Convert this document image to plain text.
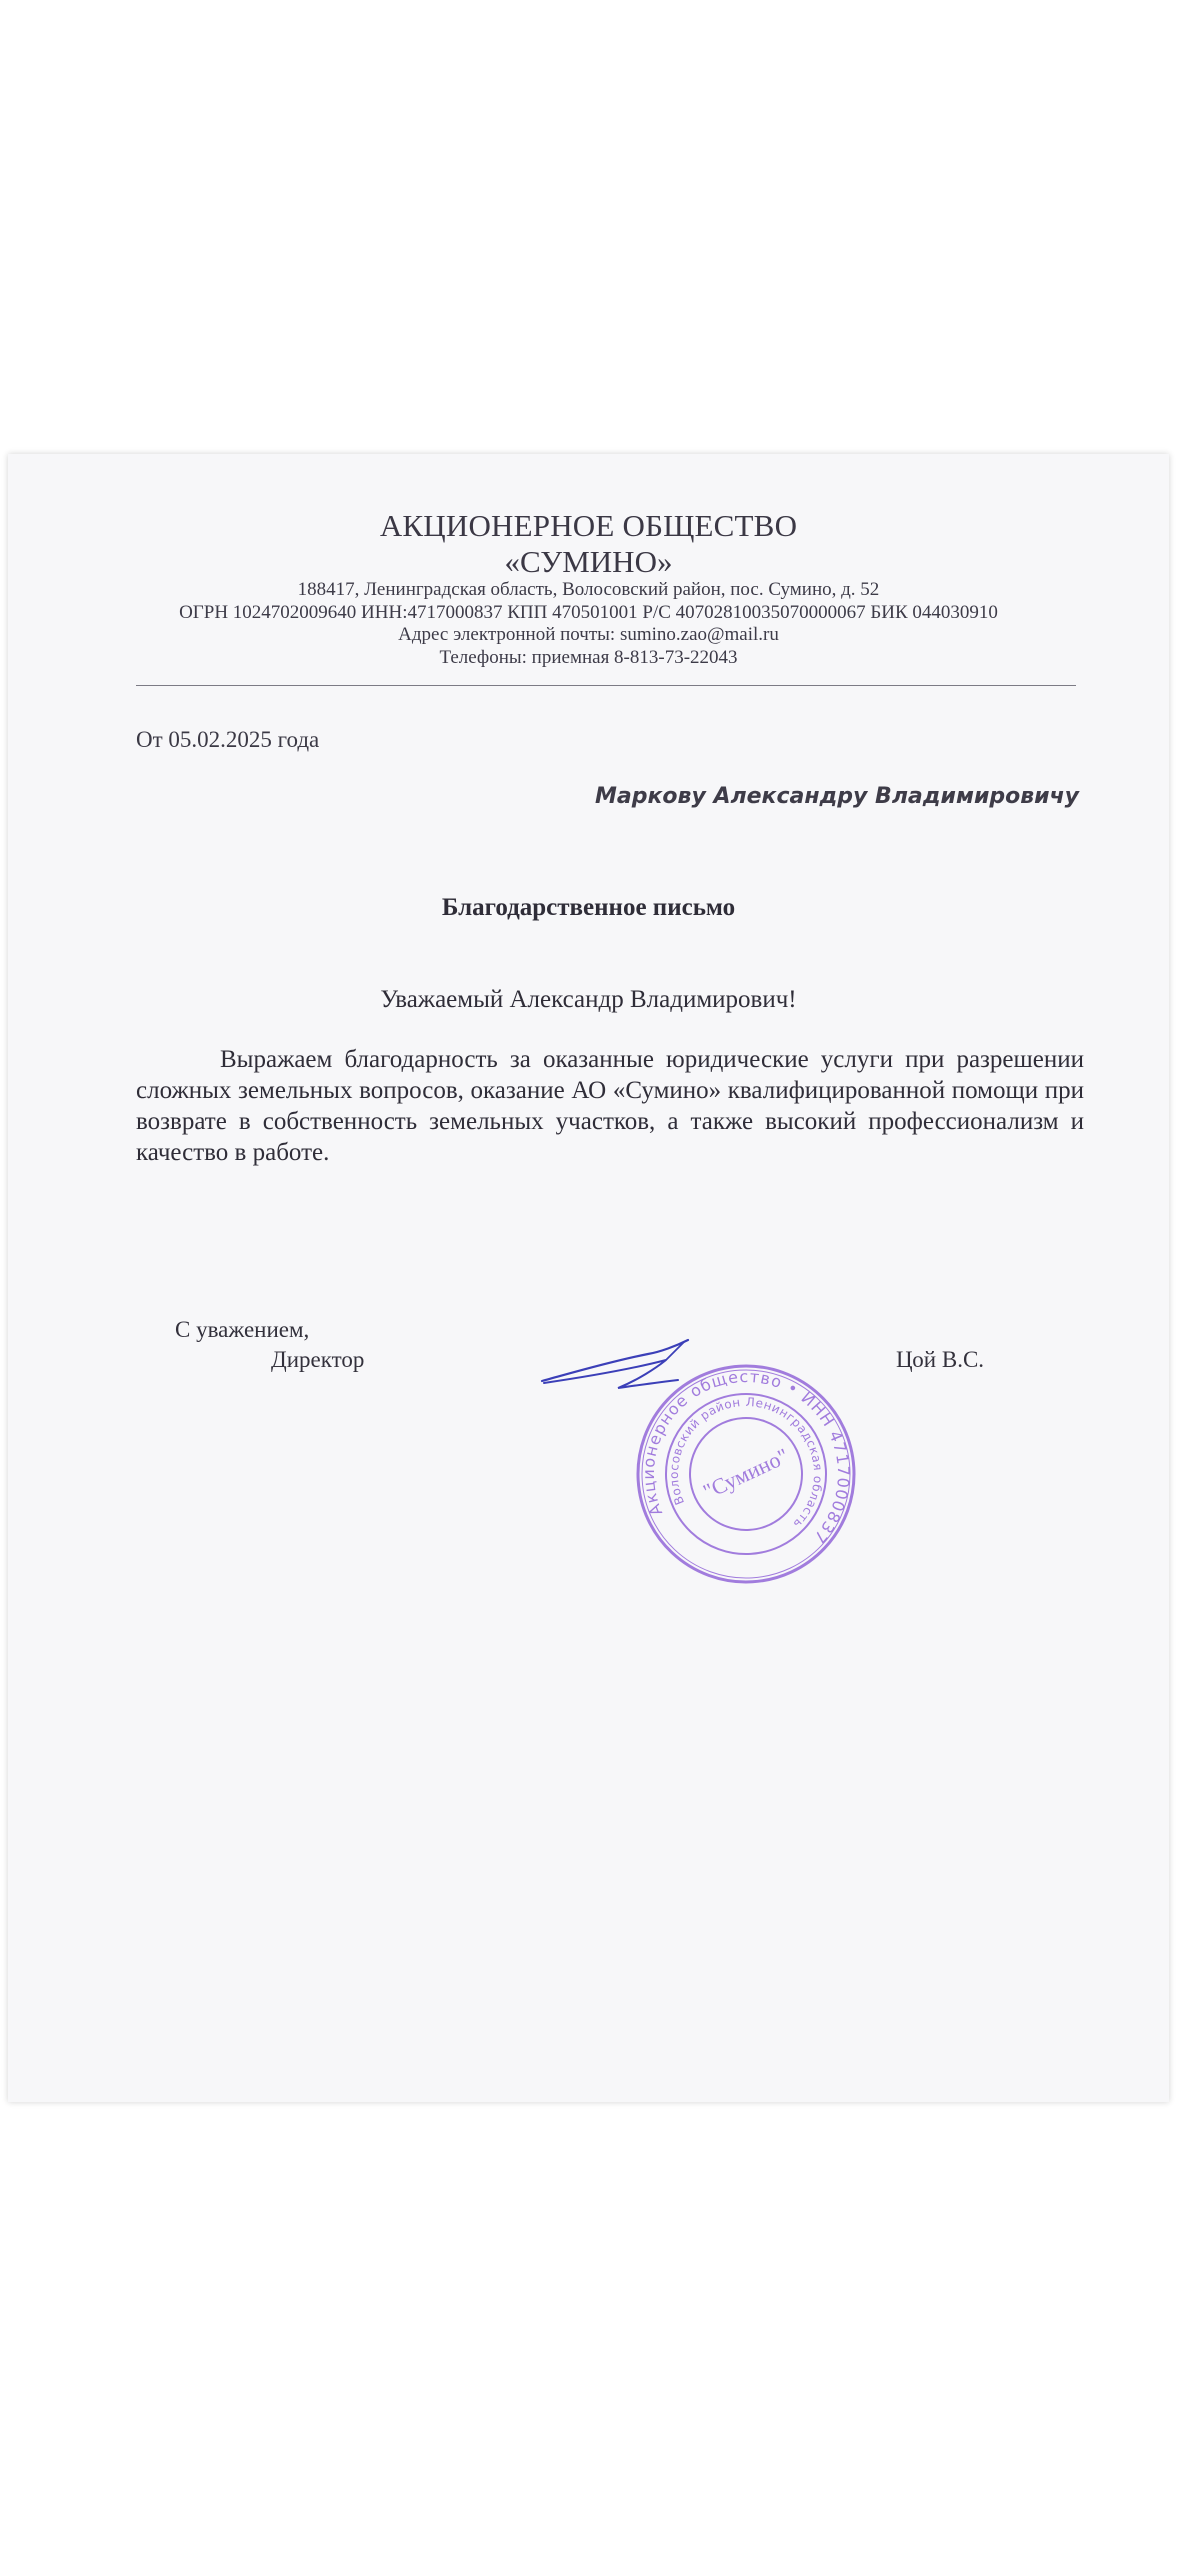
АКЦИОНЕРНОЕ ОБЩЕСТВО
«СУМИНО»
188417, Ленинградская область, Волосовский район, пос. Сумино, д. 52
ОГРН 1024702009640 ИНН:4717000837 КПП 470501001 Р/С 40702810035070000067 БИК 044030910
Адрес электронной почты: sumino.zao@mail.ru
Телефоны: приемная 8-813-73-22043
От 05.02.2025 года
Маркову Александру Владимировичу
Благодарственное письмо
Уважаемый Александр Владимирович!

Выражаем благодарность за оказанные юридические услуги при разрешении сложных земельных вопросов, оказание АО «Сумино» квалифицированной помощи при возврате в собственность земельных участков, а также высокий профессионализм и качество в работе.

С уважением,
Директор	Цой В.С.
Акционерное общество • ИНН 4717000837
Волосовский район Ленинградская область
"Сумино"
